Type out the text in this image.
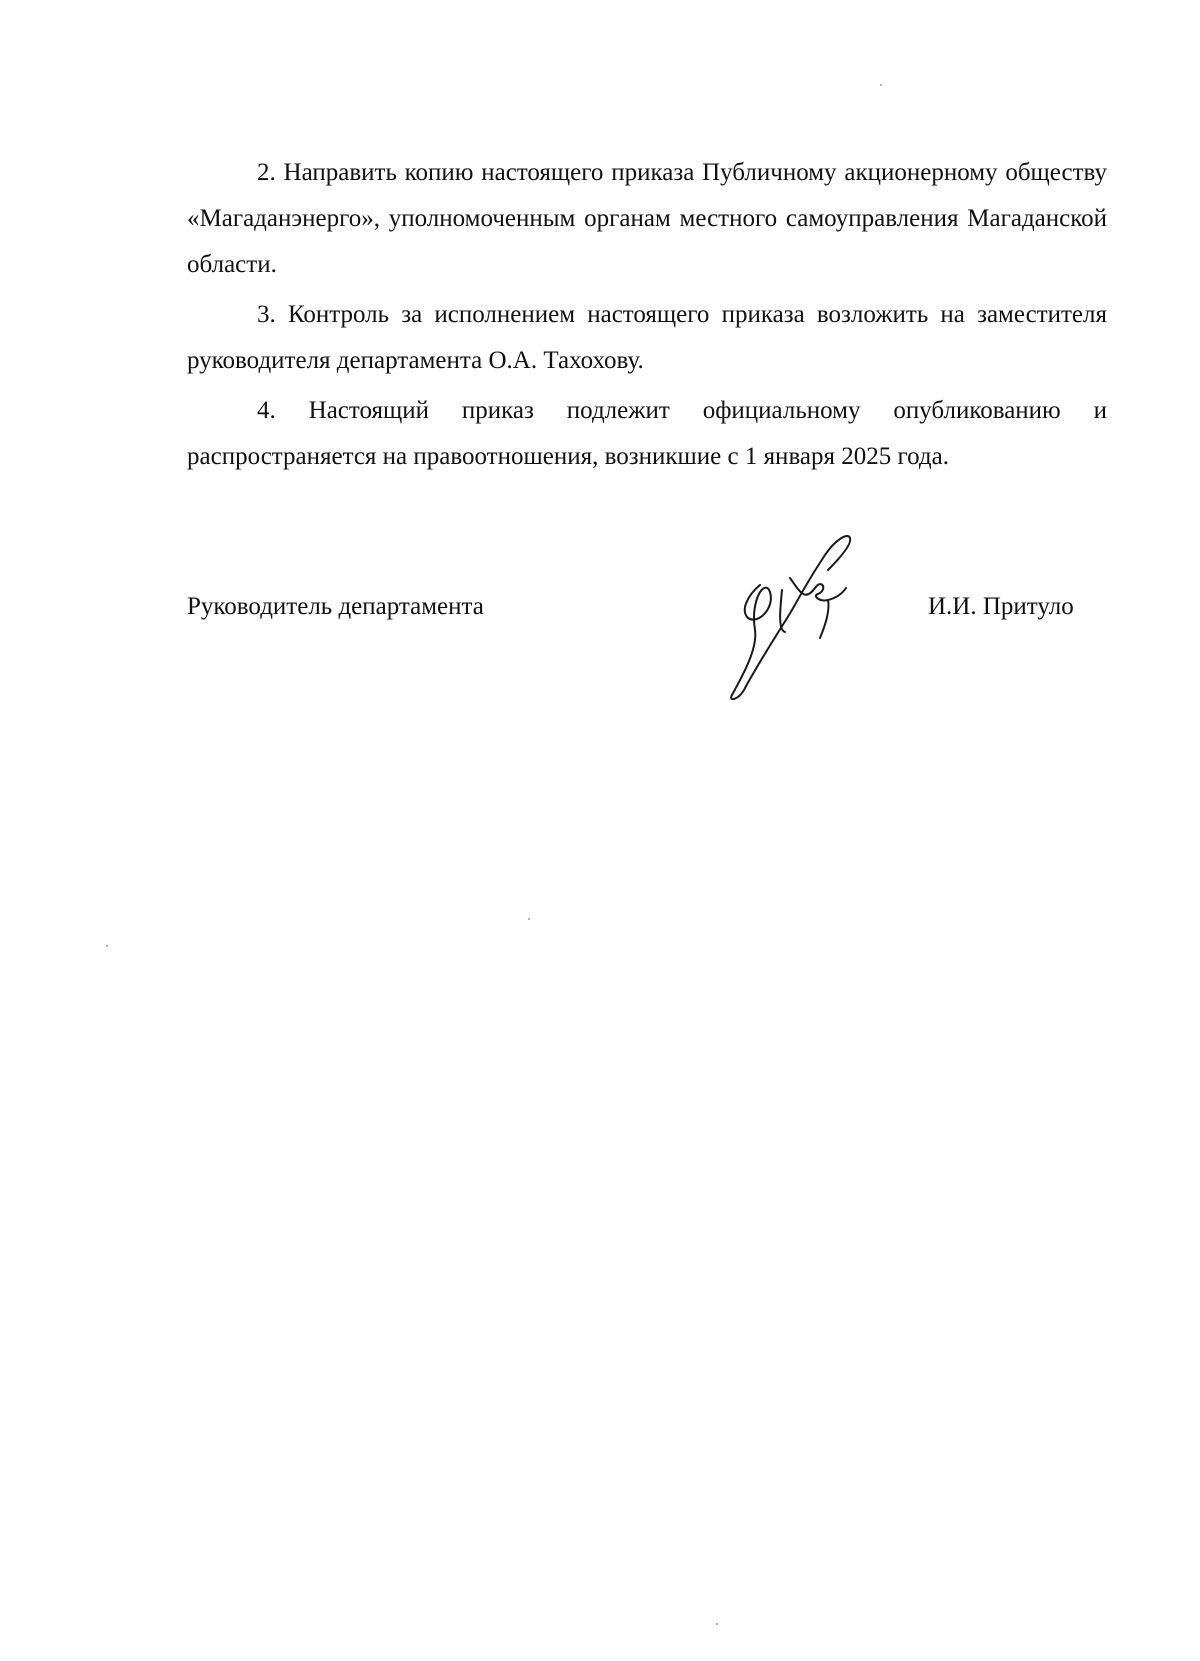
2. Направить копию настоящего приказа Публичному акционерному обществу «Магаданэнерго», уполномоченным органам местного самоуправления Магаданской области.

3. Контроль за исполнением настоящего приказа возложить на заместителя руководителя департамента О.А. Тахохову.

4. Настоящий приказ подлежит официальному опубликованию и распространяется на правоотношения, возникшие с 1 января 2025 года.

Руководитель департамента	И.И. Притуло
